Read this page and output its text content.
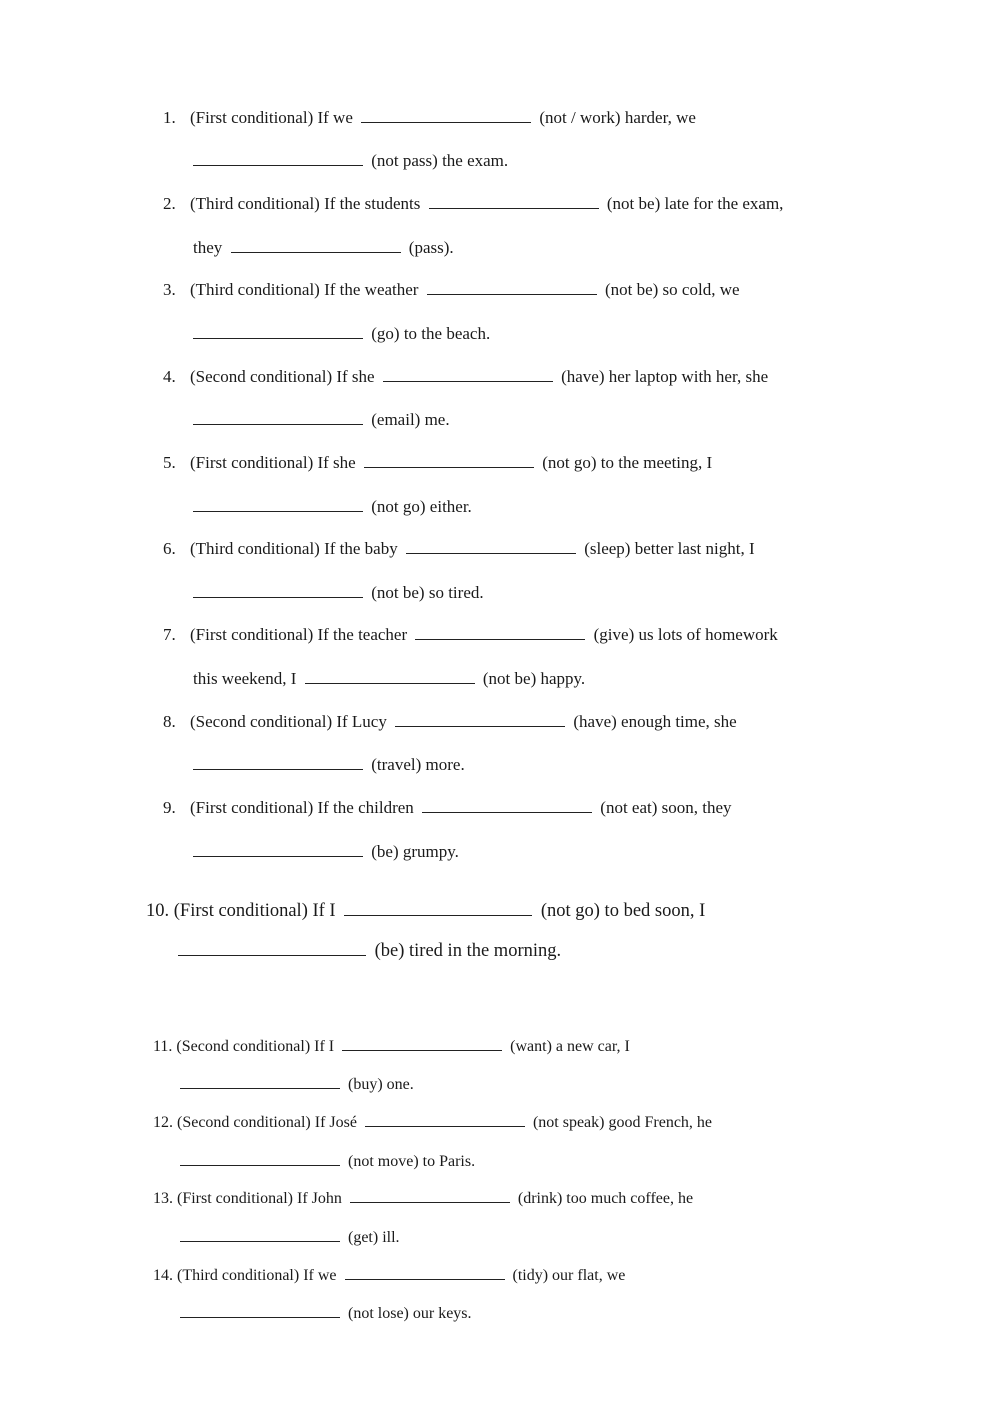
1. (First conditional) If we	(not / work) harder, we
(not pass) the exam.
2. (Third conditional) If the students	(not be) late for the exam,
they	(pass).
3. (Third conditional) If the weather	(not be) so cold, we
(go) to the beach.
4. (Second conditional) If she	(have) her laptop with her, she
(email) me.
5. (First conditional) If she	(not go) to the meeting, I
(not go) either.
6. (Third conditional) If the baby	(sleep) better last night, I
(not be) so tired.
7. (First conditional) If the teacher	(give) us lots of homework
this weekend, I	(not be) happy.
8. (Second conditional) If Lucy	(have) enough time, she
(travel) more.
9. (First conditional) If the children	(not eat) soon, they
(be) grumpy.
10. (First conditional) If I	(not go) to bed soon, I
(be) tired in the morning.
11. (Second conditional) If I	(want) a new car, I
(buy) one.
12. (Second conditional) If José	(not speak) good French, he
(not move) to Paris.
13. (First conditional) If John	(drink) too much coffee, he
(get) ill.
14. (Third conditional) If we	(tidy) our flat, we
(not lose) our keys.
